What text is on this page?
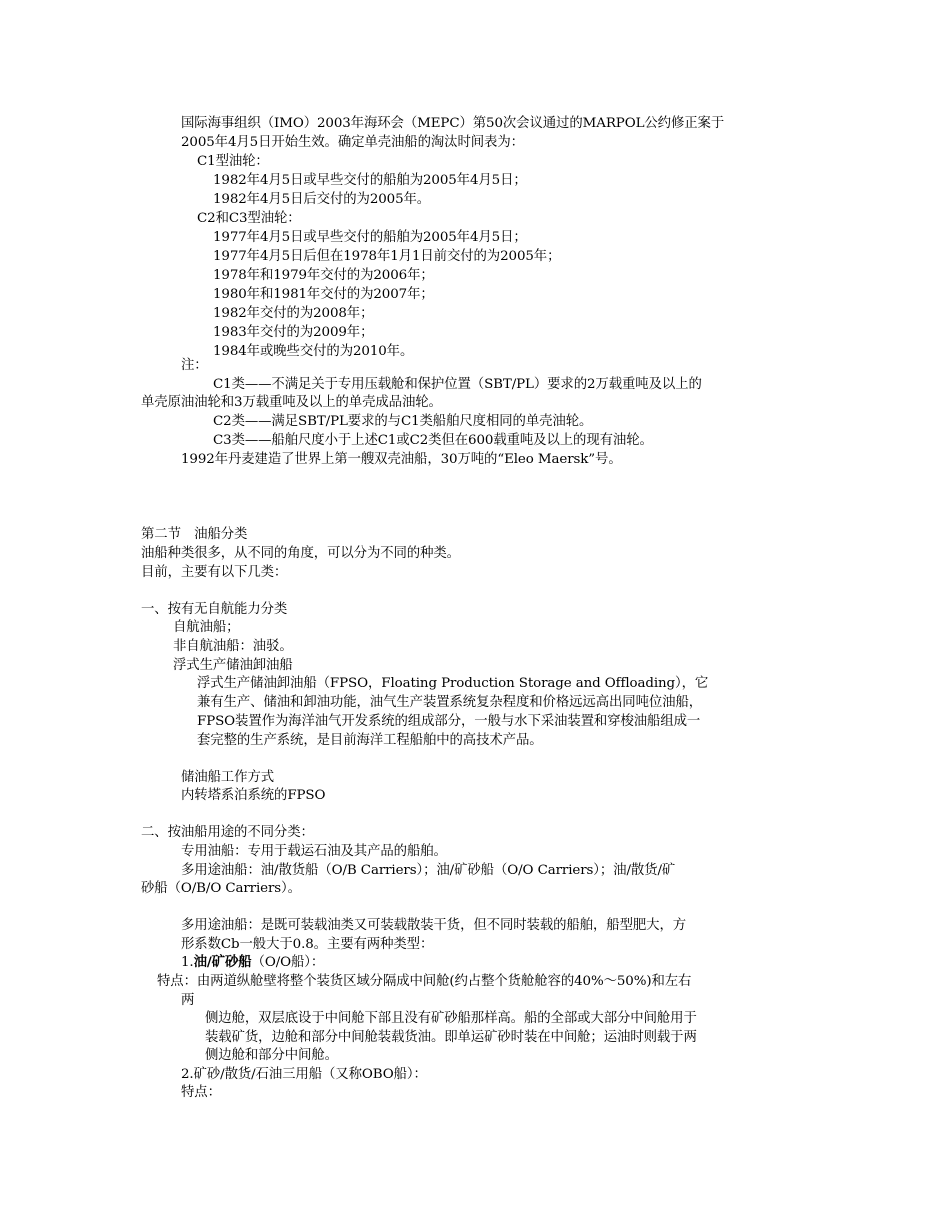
国际海事组织（IMO）2003年海环会（MEPC）第50次会议通过的MARPOL公约修正案于
2005年4月5日开始生效。确定单壳油船的淘汰时间表为：
C1型油轮：
1982年4月5日或早些交付的船舶为2005年4月5日；
1982年4月5日后交付的为2005年。
C2和C3型油轮：
1977年4月5日或早些交付的船舶为2005年4月5日；
1977年4月5日后但在1978年1月1日前交付的为2005年；
1978年和1979年交付的为2006年；
1980年和1981年交付的为2007年；
1982年交付的为2008年；
1983年交付的为2009年；
1984年或晚些交付的为2010年。
注：
C1类——不满足关于专用压载舱和保护位置（SBT/PL）要求的2万载重吨及以上的
单壳原油油轮和3万载重吨及以上的单壳成品油轮。
C2类——满足SBT/PL要求的与C1类船舶尺度相同的单壳油轮。
C3类——船舶尺度小于上述C1或C2类但在600载重吨及以上的现有油轮。
1992年丹麦建造了世界上第一艘双壳油船，30万吨的“Eleo Maersk”号。
第二节　油船分类
油船种类很多，从不同的角度，可以分为不同的种类。
目前，主要有以下几类：
一、按有无自航能力分类
自航油船；
非自航油船：油驳。
浮式生产储油卸油船
浮式生产储油卸油船（FPSO，Floating Production Storage and Offloading），它
兼有生产、储油和卸油功能，油气生产装置系统复杂程度和价格远远高出同吨位油船，
FPSO装置作为海洋油气开发系统的组成部分，一般与水下采油装置和穿梭油船组成一
套完整的生产系统，是目前海洋工程船舶中的高技术产品。
储油船工作方式
内转塔系泊系统的FPSO
二、按油船用途的不同分类：
专用油船：专用于载运石油及其产品的船舶。
多用途油船：油/散货船（O/B Carriers）；油/矿砂船（O/O Carriers）；油/散货/矿
砂船（O/B/O Carriers）。
多用途油船：是既可装载油类又可装载散装干货，但不同时装载的船舶，船型肥大，方
形系数Cb一般大于0.8。主要有两种类型：
1.油/矿砂船（O/O船）：
特点：由两道纵舱壁将整个装货区域分隔成中间舱(约占整个货舱舱容的40%～50%)和左右
两
侧边舱，双层底设于中间舱下部且没有矿砂船那样高。船的全部或大部分中间舱用于
装载矿货，边舱和部分中间舱装载货油。即单运矿砂时装在中间舱；运油时则载于两
侧边舱和部分中间舱。
2.矿砂/散货/石油三用船（又称OBO船）：
特点：
